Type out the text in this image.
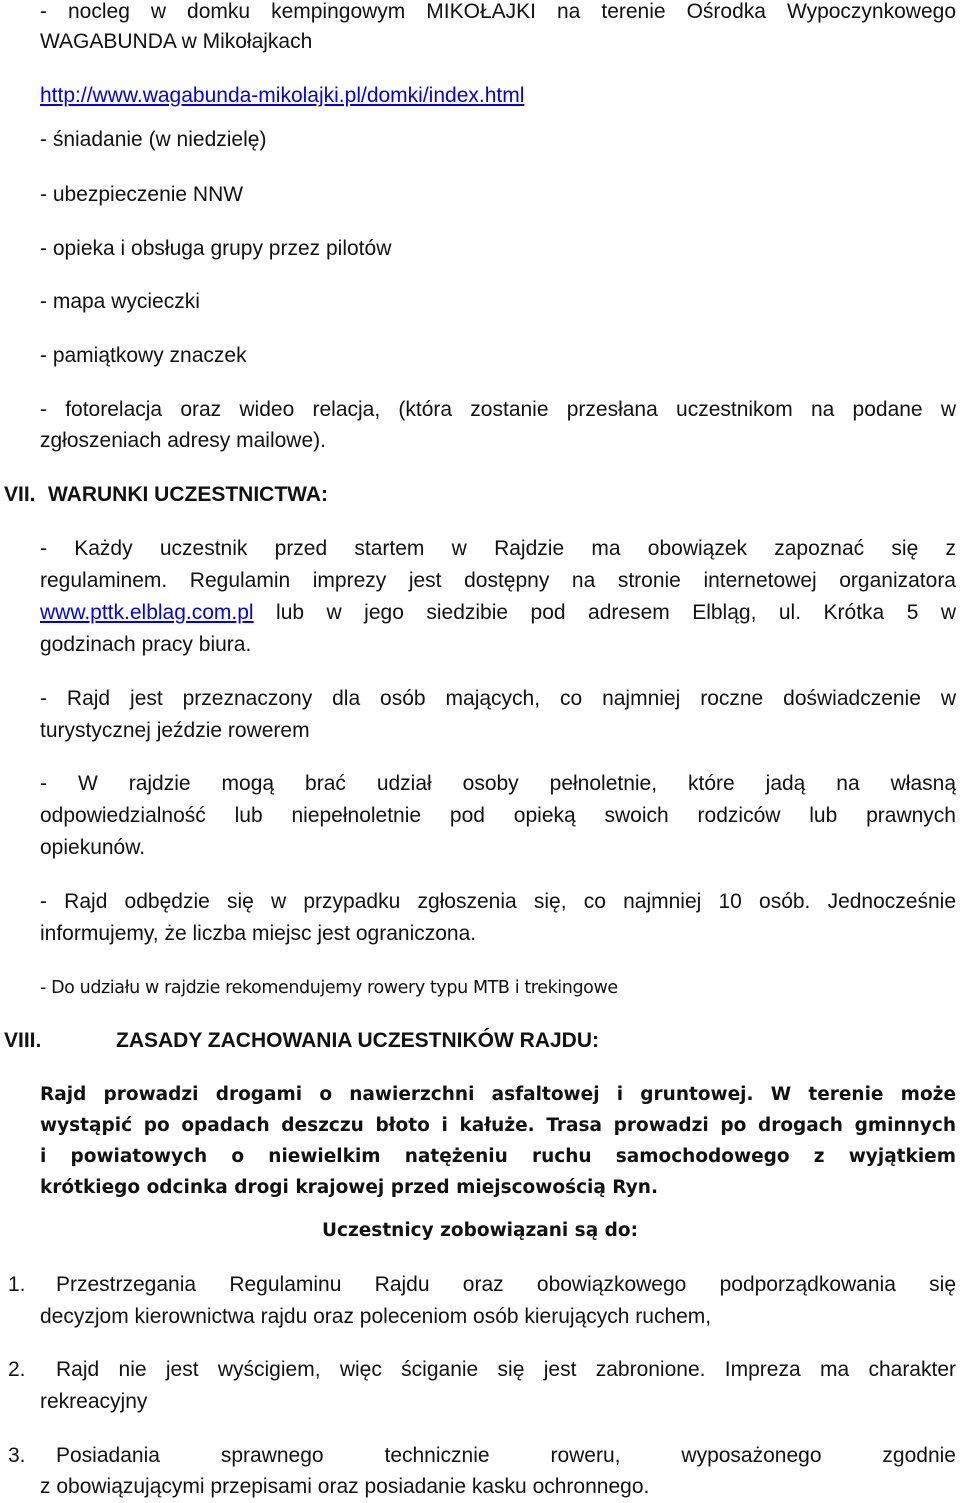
- nocleg w domku kempingowym MIKOŁAJKI na terenie Ośrodka Wypoczynkowego
WAGABUNDA w Mikołajkach
http://www.wagabunda-mikolajki.pl/domki/index.html
- śniadanie (w niedzielę)
- ubezpieczenie NNW
- opieka i obsługa grupy przez pilotów
- mapa wycieczki
- pamiątkowy znaczek
- fotorelacja oraz wideo relacja, (która zostanie przesłana uczestnikom na podane w
zgłoszeniach adresy mailowe).
VII. WARUNKI UCZESTNICTWA:
- Każdy uczestnik przed startem w Rajdzie ma obowiązek zapoznać się z
regulaminem. Regulamin imprezy jest dostępny na stronie internetowej organizatora
www.pttk.elblag.com.pl lub w jego siedzibie pod adresem Elbląg, ul. Krótka 5 w
godzinach pracy biura.
- Rajd jest przeznaczony dla osób mających, co najmniej roczne doświadczenie w
turystycznej jeździe rowerem
- W rajdzie mogą brać udział osoby pełnoletnie, które jadą na własną
odpowiedzialność lub niepełnoletnie pod opieką swoich rodziców lub prawnych
opiekunów.
- Rajd odbędzie się w przypadku zgłoszenia się, co najmniej 10 osób. Jednocześnie
informujemy, że liczba miejsc jest ograniczona.
- Do udziału w rajdzie rekomendujemy rowery typu MTB i trekingowe
VIII.	ZASADY ZACHOWANIA UCZESTNIKÓW RAJDU:
Rajd prowadzi drogami o nawierzchni asfaltowej i gruntowej. W terenie może
wystąpić po opadach deszczu błoto i kałuże. Trasa prowadzi po drogach gminnych
i powiatowych o niewielkim natężeniu ruchu samochodowego z wyjątkiem
krótkiego odcinka drogi krajowej przed miejscowością Ryn.
Uczestnicy zobowiązani są do:
1. Przestrzegania Regulaminu Rajdu oraz obowiązkowego podporządkowania się
decyzjom kierownictwa rajdu oraz poleceniom osób kierujących ruchem,
2. Rajd nie jest wyścigiem, więc ściganie się jest zabronione. Impreza ma charakter
rekreacyjny
3. Posiadania sprawnego technicznie roweru, wyposażonego zgodnie
z obowiązującymi przepisami oraz posiadanie kasku ochronnego.
